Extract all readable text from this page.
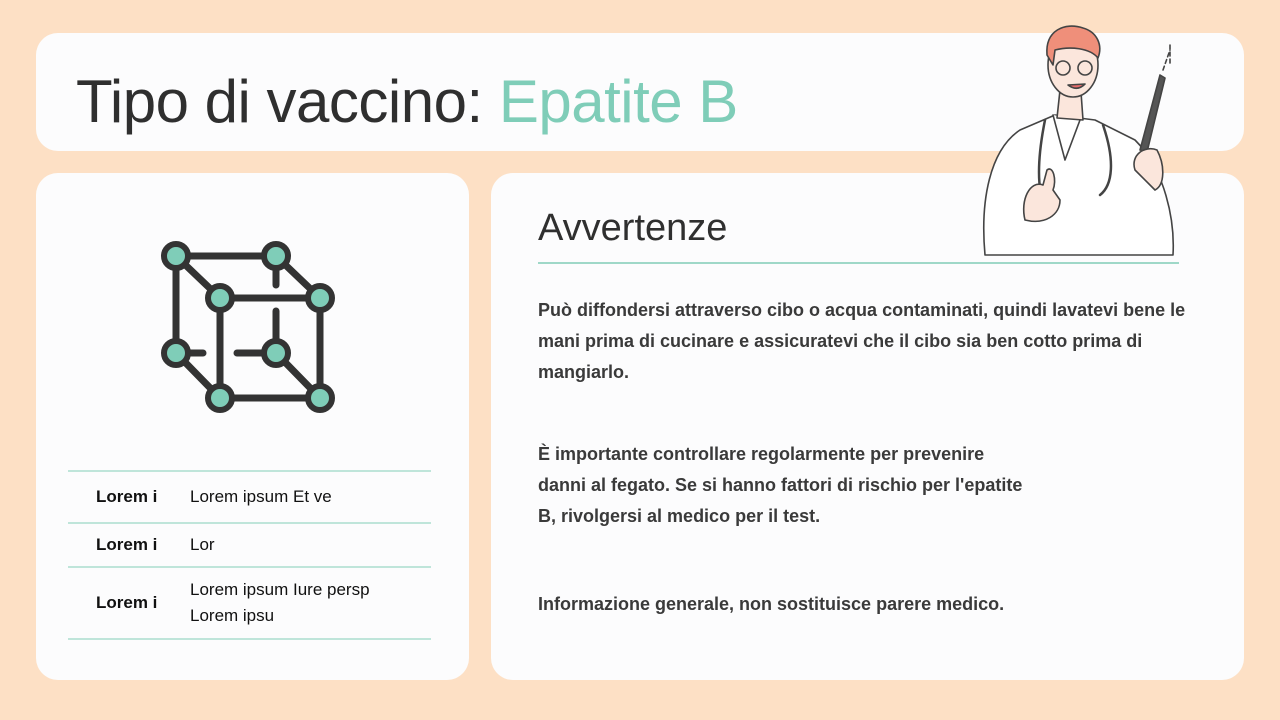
Tipo di vaccino: Epatite B
Lorem i	Lorem ipsum Et ve
Lorem i	Lor
Lorem i	Lorem ipsum Iure persp
Lorem ipsu
Avvertenze
Può diffondersi attraverso cibo o acqua contaminati, quindi lavatevi bene le mani prima di cucinare e assicuratevi che il cibo sia ben cotto prima di mangiarlo.
È importante controllare regolarmente per prevenire
danni al fegato. Se si hanno fattori di rischio per l'epatite
B, rivolgersi al medico per il test.
Informazione generale, non sostituisce parere medico.
